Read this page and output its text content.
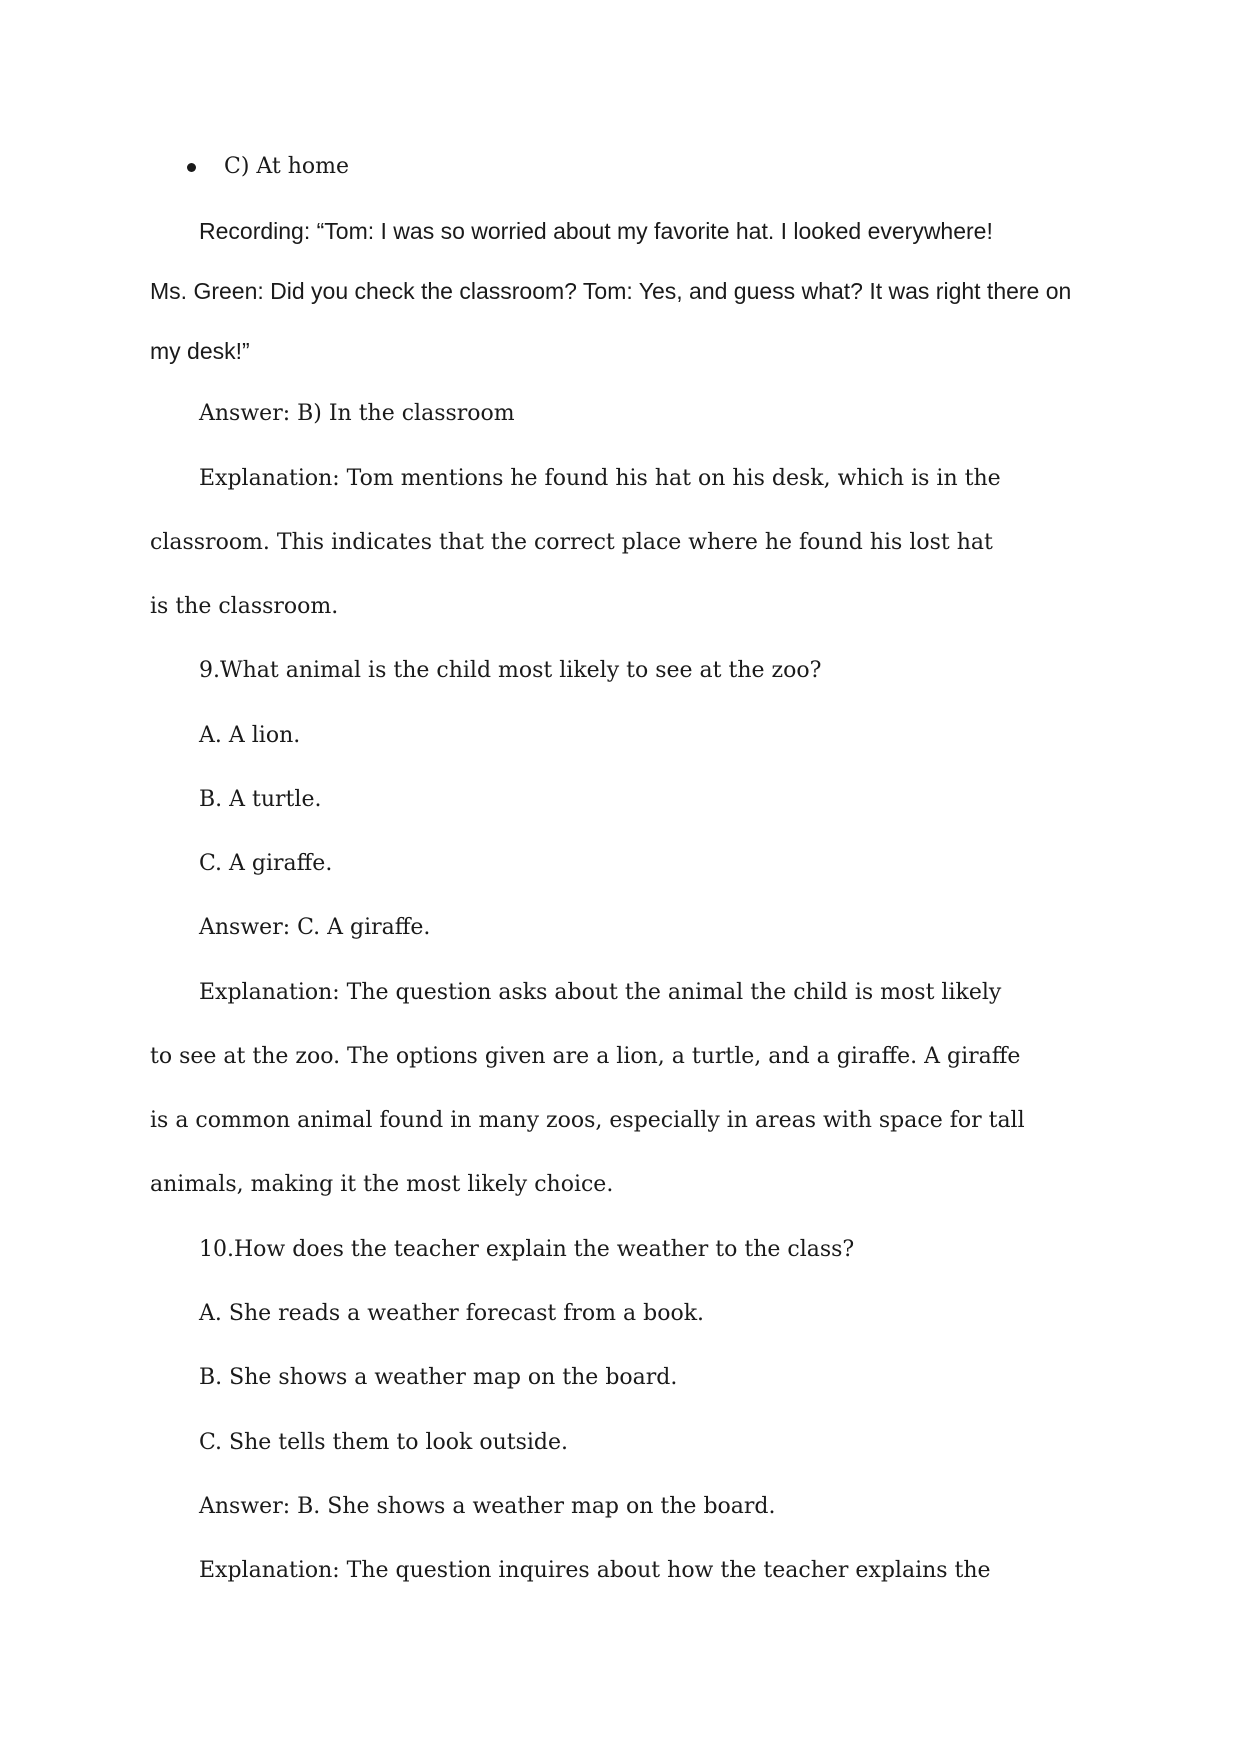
C) At home
Recording: “Tom: I was so worried about my favorite hat. I looked everywhere!
Ms. Green: Did you check the classroom? Tom: Yes, and guess what? It was right there on
my desk!”
Answer: B) In the classroom
Explanation: Tom mentions he found his hat on his desk, which is in the
classroom. This indicates that the correct place where he found his lost hat
is the classroom.
9.What animal is the child most likely to see at the zoo?
A. A lion.
B. A turtle.
C. A giraffe.
Answer: C. A giraffe.
Explanation: The question asks about the animal the child is most likely
to see at the zoo. The options given are a lion, a turtle, and a giraffe. A giraffe
is a common animal found in many zoos, especially in areas with space for tall
animals, making it the most likely choice.
10.How does the teacher explain the weather to the class?
A. She reads a weather forecast from a book.
B. She shows a weather map on the board.
C. She tells them to look outside.
Answer: B. She shows a weather map on the board.
Explanation: The question inquires about how the teacher explains the
